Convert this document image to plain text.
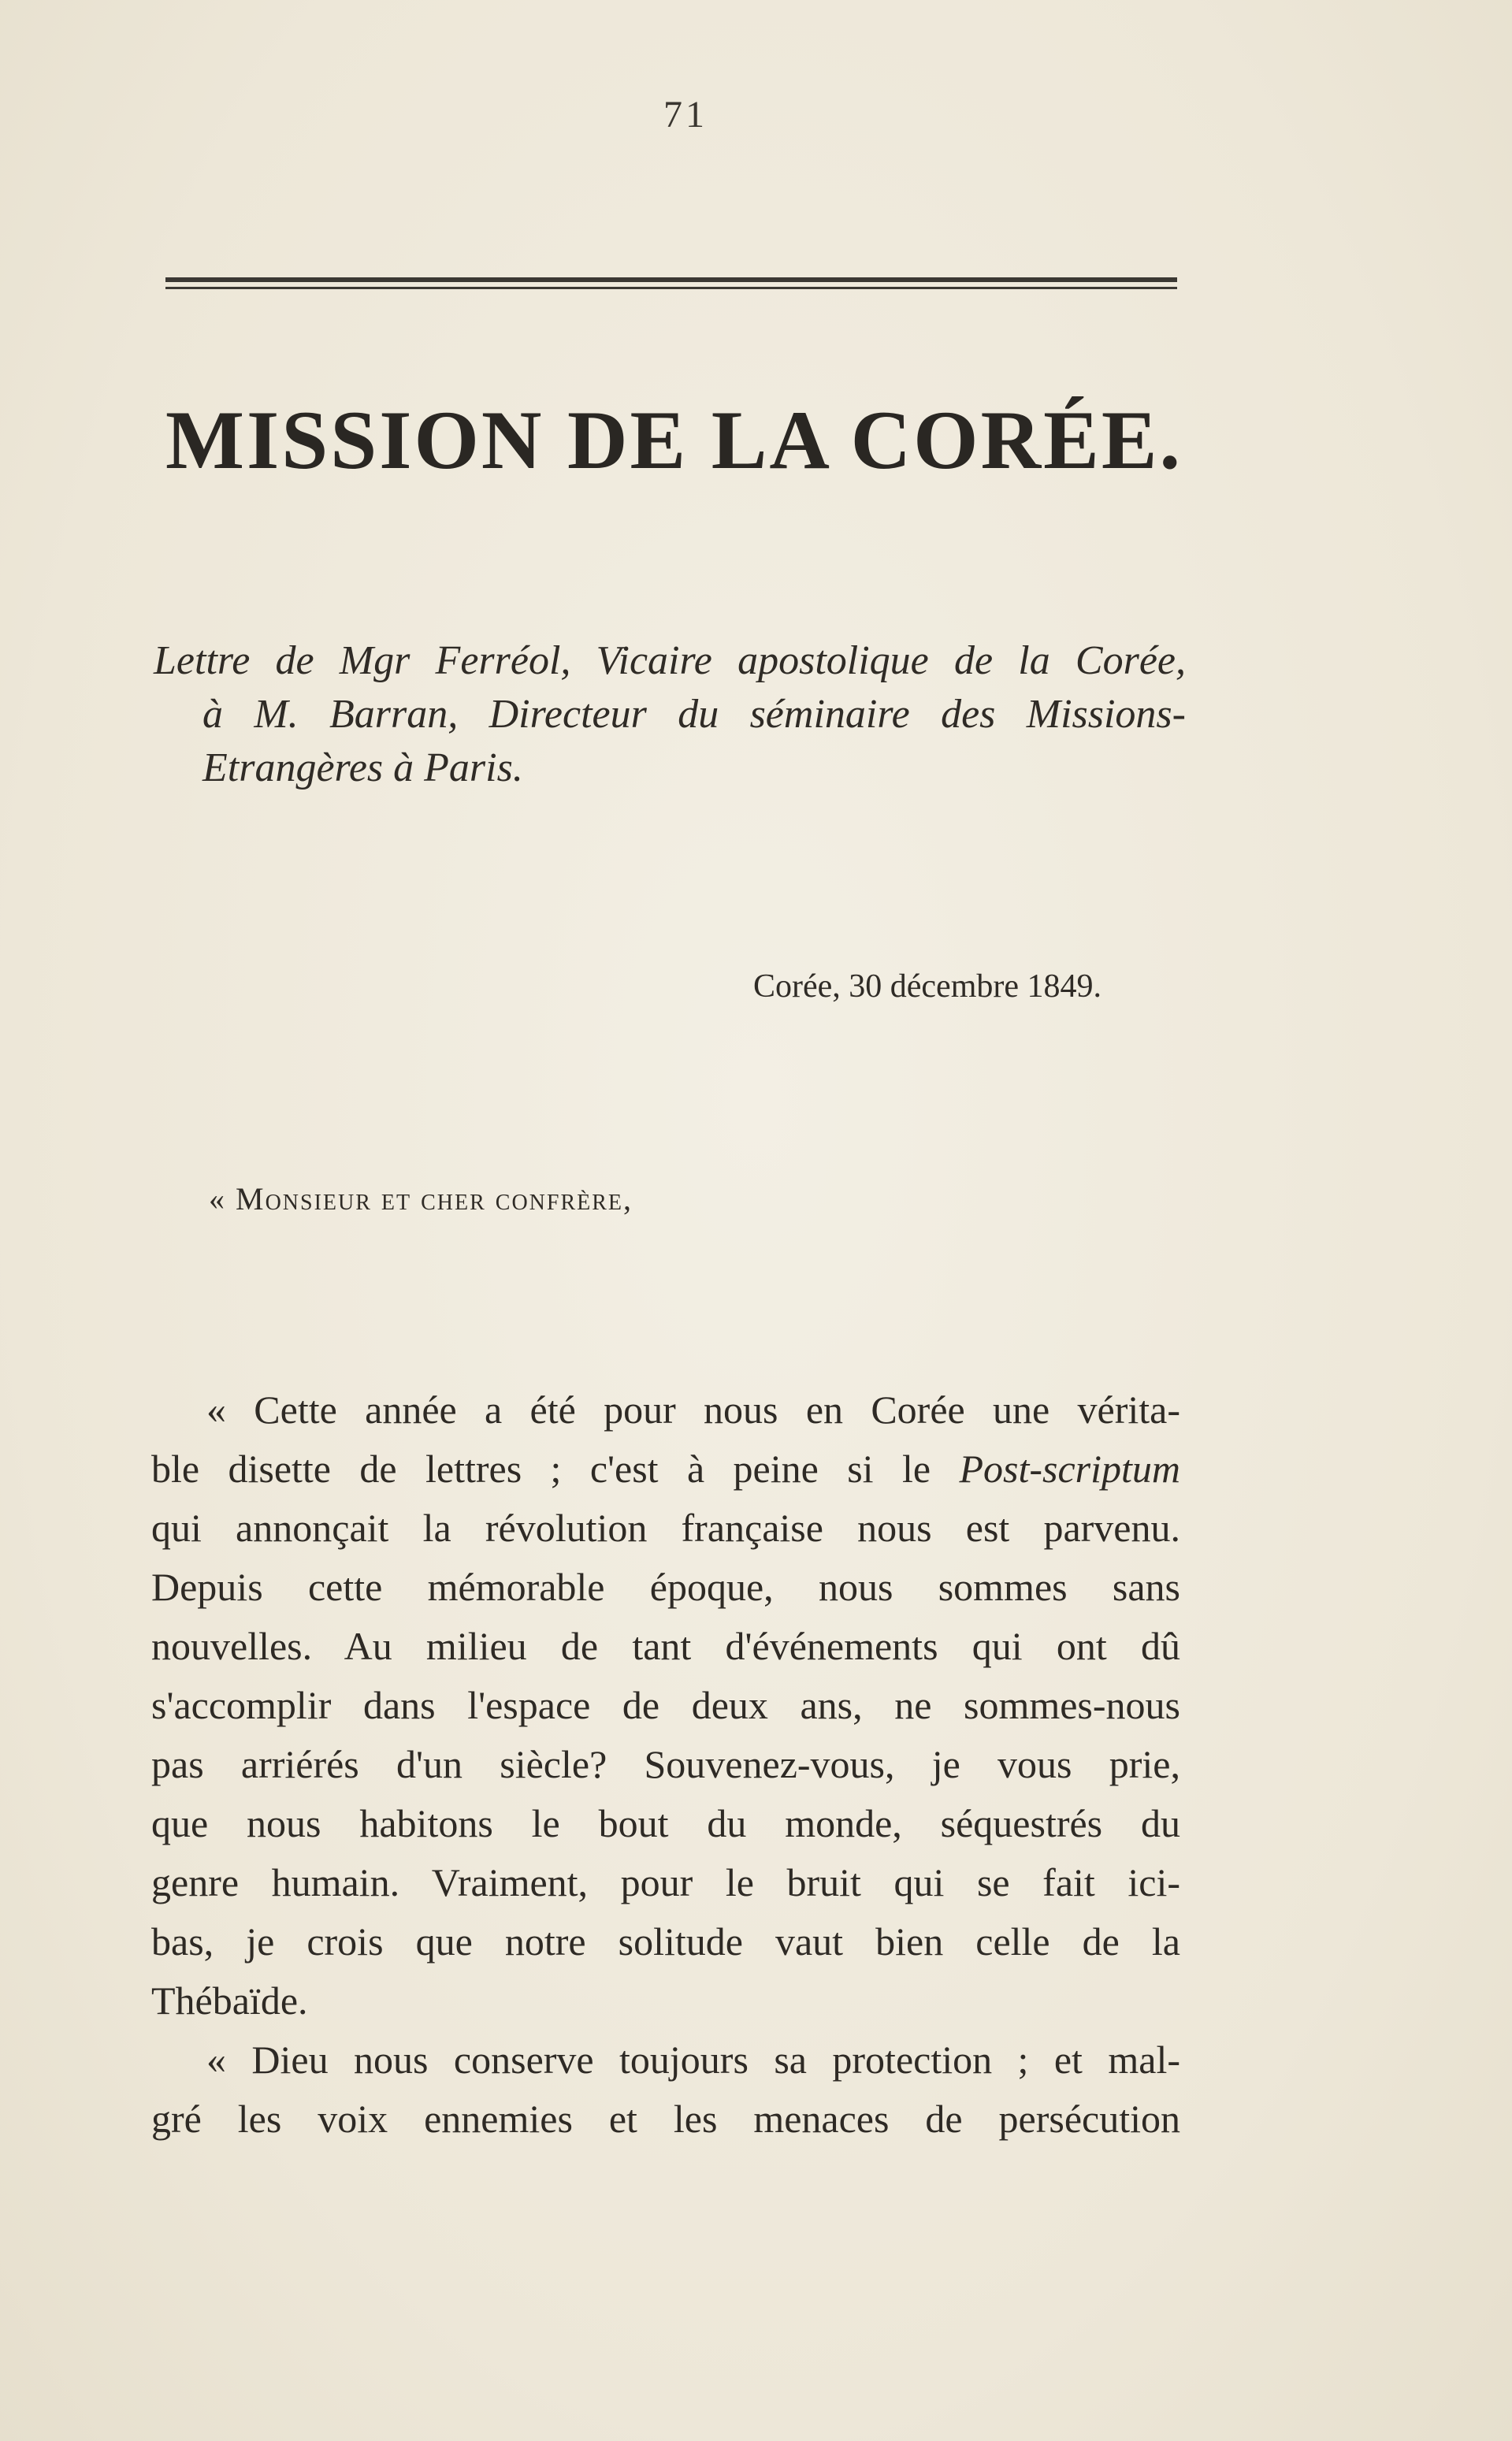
71
MISSION DE LA CORÉE.
Lettre de Mgr Ferréol, Vicaire apostolique de la Corée,
à M. Barran, Directeur du séminaire des Missions-
Etrangères à Paris.
Corée, 30 décembre 1849.
« Monsieur et cher confrère,
« Cette année a été pour nous en Corée une vérita-
ble disette de lettres ; c'est à peine si le Post-scriptum
qui annonçait la révolution française nous est parvenu.
Depuis cette mémorable époque, nous sommes sans
nouvelles. Au milieu de tant d'événements qui ont dû
s'accomplir dans l'espace de deux ans, ne sommes-nous
pas arriérés d'un siècle? Souvenez-vous, je vous prie,
que nous habitons le bout du monde, séquestrés du
genre humain. Vraiment, pour le bruit qui se fait ici-
bas, je crois que notre solitude vaut bien celle de la
Thébaïde.
« Dieu nous conserve toujours sa protection ; et mal-
gré les voix ennemies et les menaces de persécution
